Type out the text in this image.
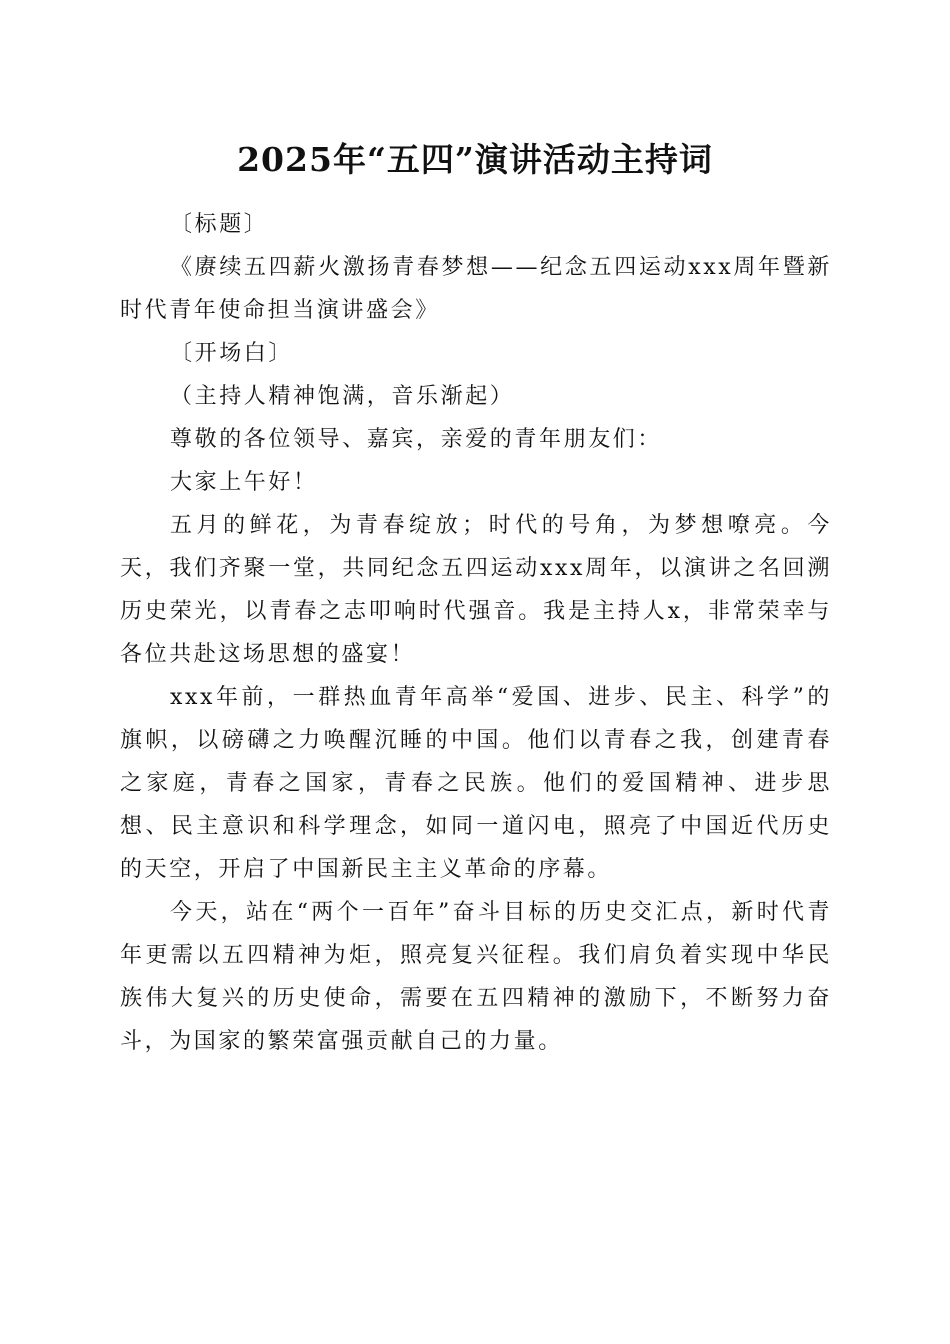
2025年“五四”演讲活动主持词

〔标题〕

《赓续五四薪火激扬青春梦想——纪念五四运动xxx周年暨新时代青年使命担当演讲盛会》

〔开场白〕

（主持人精神饱满，音乐渐起）

尊敬的各位领导、嘉宾，亲爱的青年朋友们：

大家上午好！

五月的鲜花，为青春绽放；时代的号角，为梦想嘹亮。今天，我们齐聚一堂，共同纪念五四运动xxx周年，以演讲之名回溯历史荣光，以青春之志叩响时代强音。我是主持人x，非常荣幸与各位共赴这场思想的盛宴！

xxx年前，一群热血青年高举“爱国、进步、民主、科学”的旗帜，以磅礴之力唤醒沉睡的中国。他们以青春之我，创建青春之家庭，青春之国家，青春之民族。他们的爱国精神、进步思想、民主意识和科学理念，如同一道闪电，照亮了中国近代历史的天空，开启了中国新民主主义革命的序幕。

今天，站在“两个一百年”奋斗目标的历史交汇点，新时代青年更需以五四精神为炬，照亮复兴征程。我们肩负着实现中华民族伟大复兴的历史使命，需要在五四精神的激励下，不断努力奋斗，为国家的繁荣富强贡献自己的力量。
